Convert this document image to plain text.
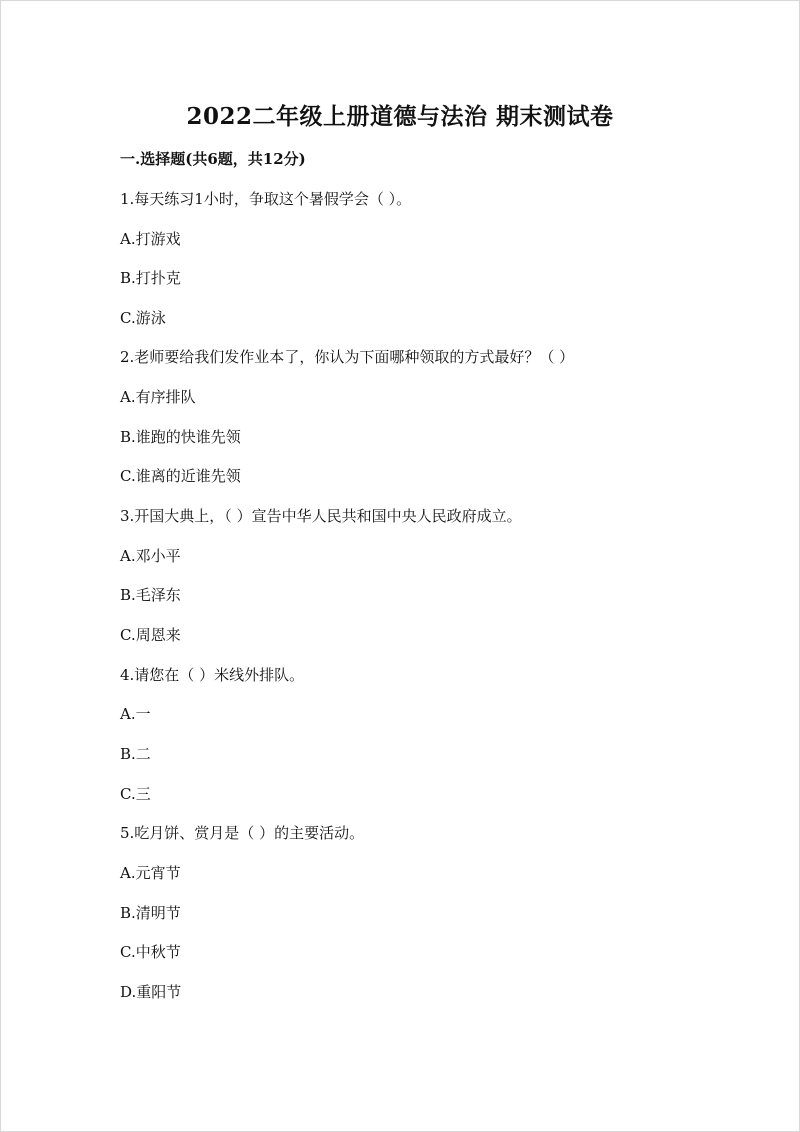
2022二年级上册道德与法治 期末测试卷
一.选择题(共6题，共12分)
1.每天练习1小时，争取这个暑假学会（ ）。
A.打游戏
B.打扑克
C.游泳
2.老师要给我们发作业本了，你认为下面哪种领取的方式最好？（ ）
A.有序排队
B.谁跑的快谁先领
C.谁离的近谁先领
3.开国大典上，（ ）宣告中华人民共和国中央人民政府成立。
A.邓小平
B.毛泽东
C.周恩来
4.请您在（ ）米线外排队。
A.一
B.二
C.三
5.吃月饼、赏月是（ ）的主要活动。
A.元宵节
B.清明节
C.中秋节
D.重阳节
